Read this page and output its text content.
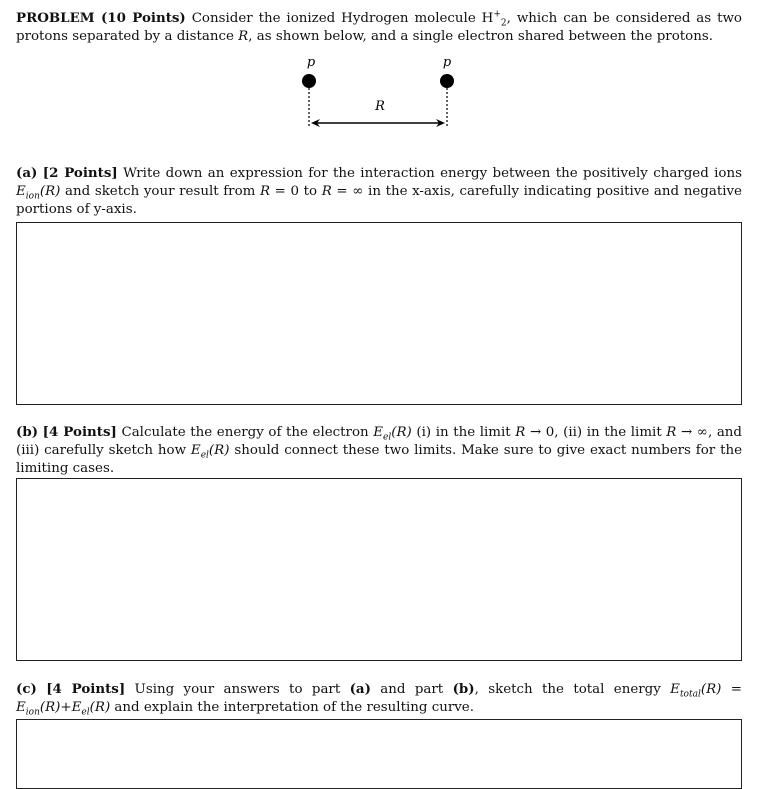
PROBLEM (10 Points) Consider the ionized Hydrogen molecule $H^+_2$, which can be considered as two protons separated by a distance R, as shown below, and a single electron shared between the protons.
p	p
R
(a) [2 Points] Write down an expression for the interaction energy between the positively charged ions $E_{ion}(R)$ and sketch your result from R = 0 to R = ∞ in the x-axis, carefully indicating positive and negative portions of y-axis.
(b) [4 Points] Calculate the energy of the electron $E_{el}(R)$ (i) in the limit R → 0, (ii) in the limit R → ∞, and (iii) carefully sketch how $E_{el}(R)$ should connect these two limits. Make sure to give exact numbers for the limiting cases.
(c) [4 Points] Using your answers to part (a) and part (b), sketch the total energy $E_{total}(R) = E_{ion}(R)+E_{el}(R)$ and explain the interpretation of the resulting curve.
